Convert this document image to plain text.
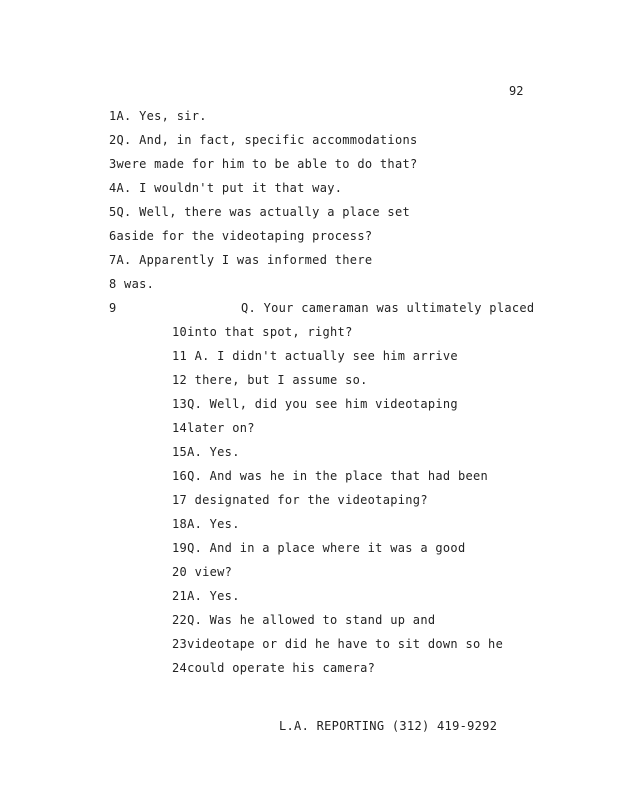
92
1A. Yes, sir.
2Q. And, in fact, specific accommodations
3were made for him to be able to do that?
4A. I wouldn't put it that way.
5Q. Well, there was actually a place set
6aside for the videotaping process?
7A. Apparently I was informed there
8 was.
9	Q. Your cameraman was ultimately placed
10into that spot, right?
11 A. I didn't actually see him arrive
12 there, but I assume so.
13Q. Well, did you see him videotaping
14later on?
15A. Yes.
16Q. And was he in the place that had been
17 designated for the videotaping?
18A. Yes.
19Q. And in a place where it was a good
20 view?
21A. Yes.
22Q. Was he allowed to stand up and
23videotape or did he have to sit down so he
24could operate his camera?
L.A. REPORTING (312) 419-9292
